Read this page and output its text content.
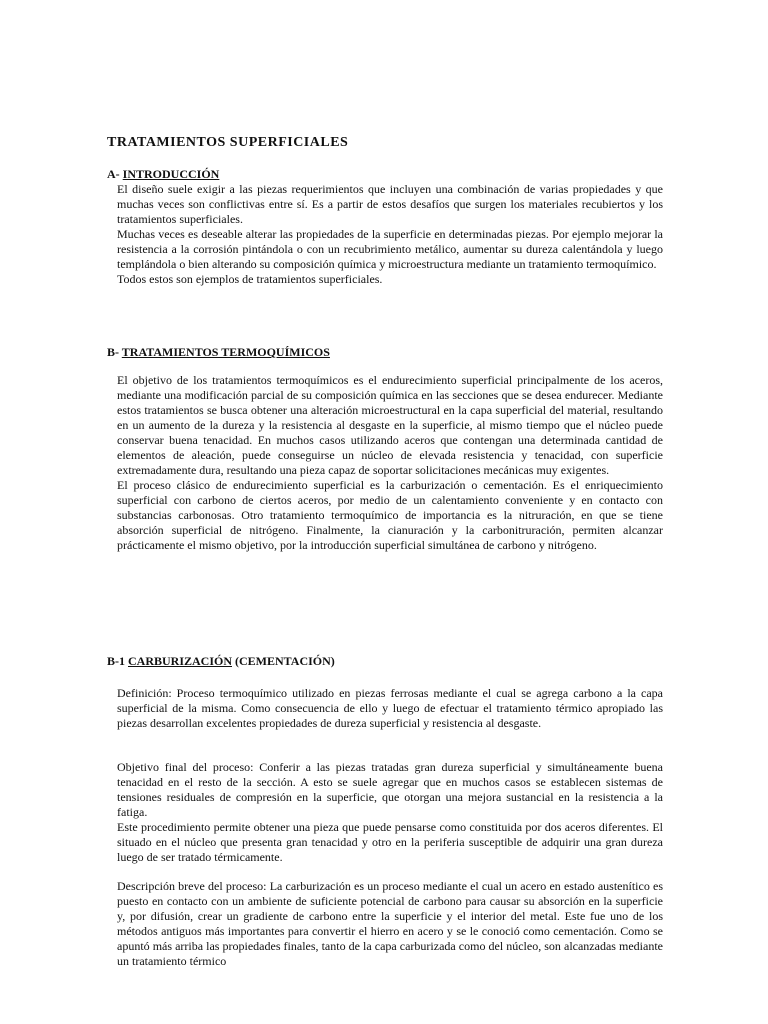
TRATAMIENTOS SUPERFICIALES
A- INTRODUCCIÓN
El diseño suele exigir a las piezas requerimientos que incluyen una combinación de varias propiedades y que muchas veces son conflictivas entre sí. Es a partir de estos desafíos que surgen los materiales recubiertos y los tratamientos superficiales.
Muchas veces es deseable alterar las propiedades de la superficie en determinadas piezas. Por ejemplo mejorar la resistencia a la corrosión pintándola o con un recubrimiento metálico, aumentar su dureza calentándola y luego templándola o bien alterando su composición química y microestructura mediante un tratamiento termoquímico.
Todos estos son ejemplos de tratamientos superficiales.
B- TRATAMIENTOS TERMOQUÍMICOS
El objetivo de los tratamientos termoquímicos es el endurecimiento superficial principalmente de los aceros, mediante una modificación parcial de su composición química en las secciones que se desea endurecer. Mediante estos tratamientos se busca obtener una alteración microestructural en la capa superficial del material, resultando en un aumento de la dureza y la resistencia al desgaste en la superficie, al mismo tiempo que el núcleo puede conservar buena tenacidad. En muchos casos utilizando aceros que contengan una determinada cantidad de elementos de aleación, puede conseguirse un núcleo de elevada resistencia y tenacidad, con superficie extremadamente dura, resultando una pieza capaz de soportar solicitaciones mecánicas muy exigentes.
El proceso clásico de endurecimiento superficial es la carburización o cementación. Es el enriquecimiento superficial con carbono de ciertos aceros, por medio de un calentamiento conveniente y en contacto con substancias carbonosas. Otro tratamiento termoquímico de importancia es la nitruración, en que se tiene absorción superficial de nitrógeno. Finalmente, la cianuración y la carbonitruración, permiten alcanzar prácticamente el mismo objetivo, por la introducción superficial simultánea de carbono y nitrógeno.
B-1 CARBURIZACIÓN (CEMENTACIÓN)
Definición: Proceso termoquímico utilizado en piezas ferrosas mediante el cual se agrega carbono a la capa superficial de la misma. Como consecuencia de ello y luego de efectuar el tratamiento térmico apropiado las piezas desarrollan excelentes propiedades de dureza superficial y resistencia al desgaste.
Objetivo final del proceso: Conferir a las piezas tratadas gran dureza superficial y simultáneamente buena tenacidad en el resto de la sección. A esto se suele agregar que en muchos casos se establecen sistemas de tensiones residuales de compresión en la superficie, que otorgan una mejora sustancial en la resistencia a la fatiga.
Este procedimiento permite obtener una pieza que puede pensarse como constituida por dos aceros diferentes. El situado en el núcleo que presenta gran tenacidad y otro en la periferia susceptible de adquirir una gran dureza luego de ser tratado térmicamente.
Descripción breve del proceso: La carburización es un proceso mediante el cual un acero en estado austenítico es puesto en contacto con un ambiente de suficiente potencial de carbono para causar su absorción en la superficie y, por difusión, crear un gradiente de carbono entre la superficie y el interior del metal. Este fue uno de los métodos antiguos más importantes para convertir el hierro en acero y se le conoció como cementación. Como se apuntó más arriba las propiedades finales, tanto de la capa carburizada como del núcleo, son alcanzadas mediante un tratamiento térmico
